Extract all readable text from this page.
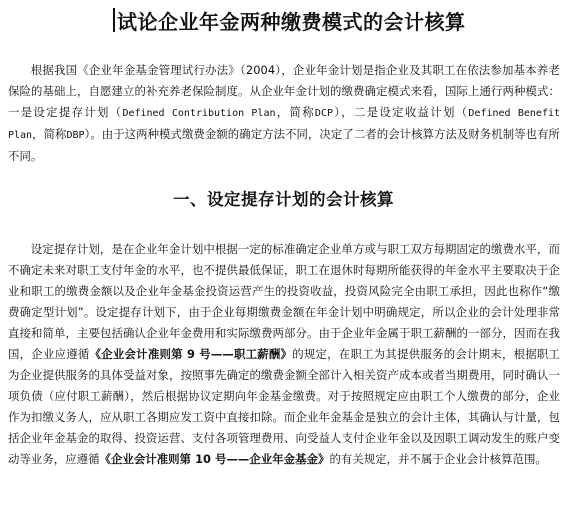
试论企业年金两种缴费模式的会计核算

根据我国《企业年金基金管理试行办法》（2004），企业年金计划是指企业及其职工在依法参加基本养老保险的基础上，自愿建立的补充养老保险制度。从企业年金计划的缴费确定模式来看，国际上通行两种模式：一是设定提存计划（Defined Contribution Plan，简称DCP），二是设定收益计划（Defined Benefit Plan，简称DBP）。由于这两种模式缴费金额的确定方法不同，决定了二者的会计核算方法及财务机制等也有所不同。

一、设定提存计划的会计核算

设定提存计划，是在企业年金计划中根据一定的标准确定企业单方或与职工双方每期固定的缴费水平，而不确定未来对职工支付年金的水平，也不提供最低保证，职工在退休时每期所能获得的年金水平主要取决于企业和职工的缴费金额以及企业年金基金投资运营产生的投资收益，投资风险完全由职工承担，因此也称作“缴费确定型计划”。设定提存计划下，由于企业每期缴费金额在年金计划中明确规定，所以企业的会计处理非常直接和简单，主要包括确认企业年金费用和实际缴费两部分。由于企业年金属于职工薪酬的一部分，因而在我国，企业应遵循《企业会计准则第 9 号——职工薪酬》的规定，在职工为其提供服务的会计期末，根据职工为企业提供服务的具体受益对象，按照事先确定的缴费金额全部计入相关资产成本或者当期费用，同时确认一项负债（应付职工薪酬），然后根据协议定期向年金基金缴费。对于按照规定应由职工个人缴费的部分，企业作为扣缴义务人，应从职工各期应发工资中直接扣除。而企业年金基金是独立的会计主体，其确认与计量，包括企业年金基金的取得、投资运营、支付各项管理费用、向受益人支付企业年金以及因职工调动发生的账户变动等业务，应遵循《企业会计准则第 10 号——企业年金基金》的有关规定，并不属于企业会计核算范围。
